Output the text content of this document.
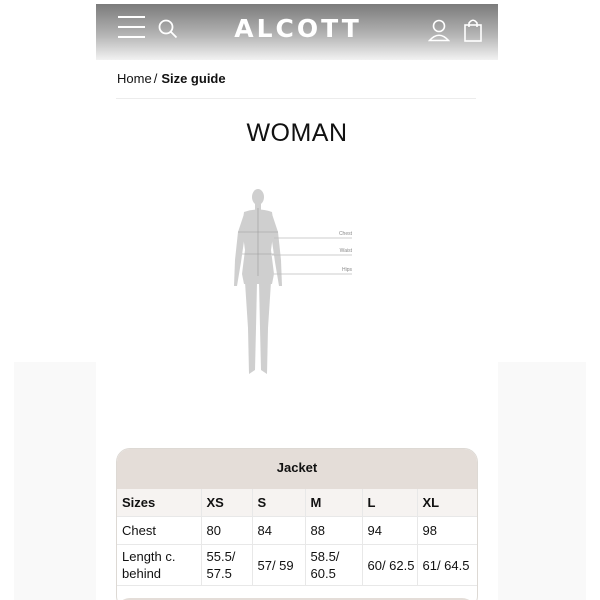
ALCOTT
Home / Size guide
WOMAN
Chest
Waist
Hips
Jacket
Sizes	XS	S	M	L	XL
Chest	80	84	88	94	98
Length c. behind	55.5/ 57.5	57/ 59	58.5/ 60.5	60/ 62.5	61/ 64.5
